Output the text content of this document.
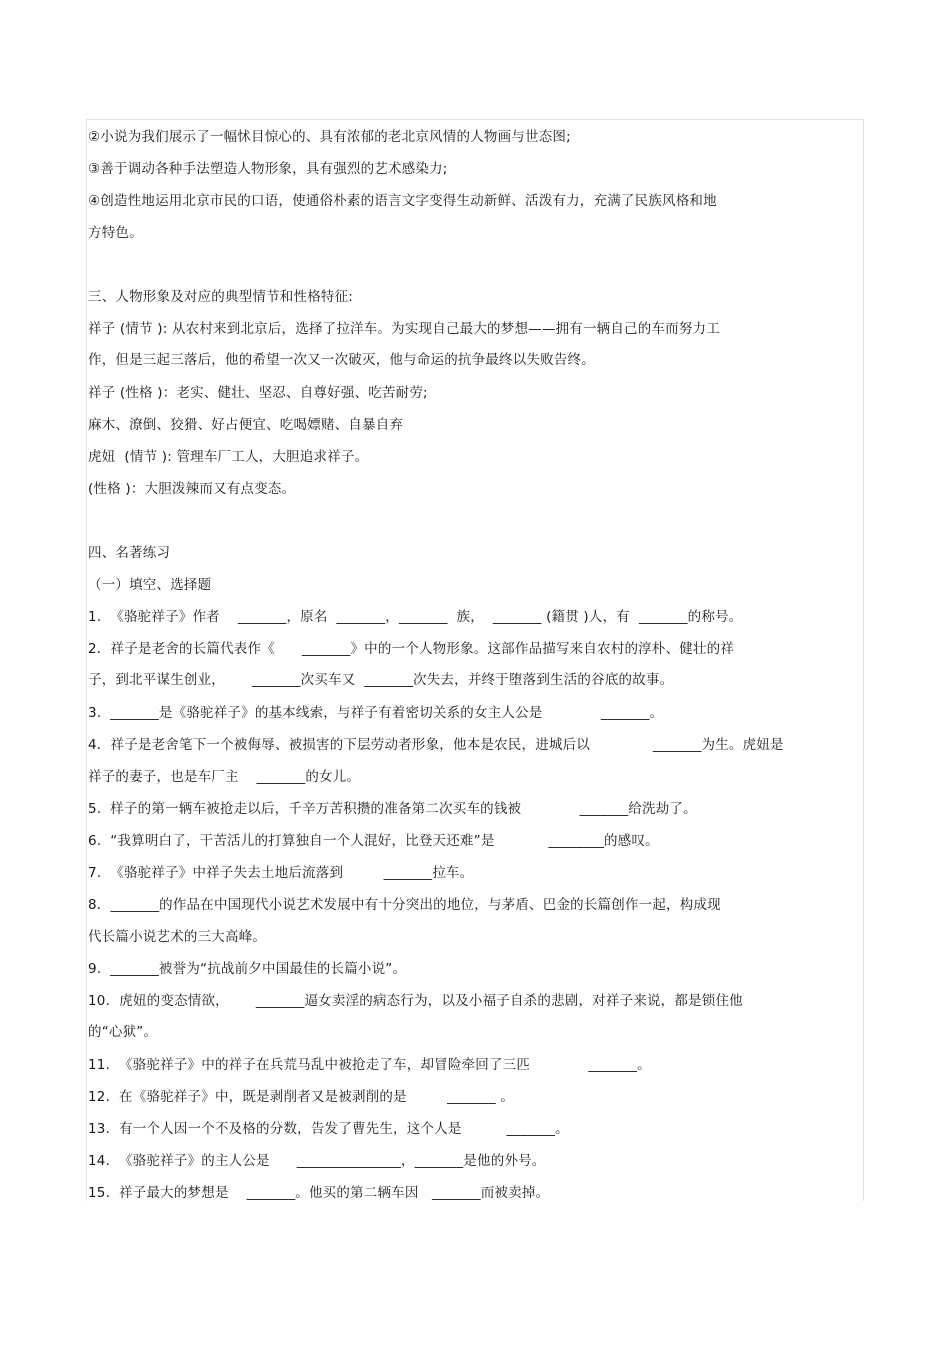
②小说为我们展示了一幅怵目惊心的、具有浓郁的老北京风情的人物画与世态图;
③善于调动各种手法塑造人物形象，具有强烈的艺术感染力;
④创造性地运用北京市民的口语，使通俗朴素的语言文字变得生动新鲜、活泼有力，充满了民族风格和地
方特色。
三、人物形象及对应的典型情节和性格特征:
祥子 (情节 ): 从农村来到北京后，选择了拉洋车。为实现自己最大的梦想——拥有一辆自己的车而努力工
作，但是三起三落后，他的希望一次又一次破灭，他与命运的抗争最终以失败告终。
祥子 (性格 )：老实、健壮、坚忍、自尊好强、吃苦耐劳;
麻木、潦倒、狡猾、好占便宜、吃喝嫖赌、自暴自弃
虎妞  (情节 ): 管理车厂工人，大胆追求祥子。
(性格 )：大胆泼辣而又有点变态。
四、名著练习
（一）填空、选择题
1.  《骆驼祥子》作者    _______，原名  _______，_______  族，  _______ (籍贯 )人，有  _______的称号。
2．祥子是老舍的长篇代表作《      _______》中的一个人物形象。这部作品描写来自农村的淳朴、健壮的祥
子，到北平谋生创业，      _______次买车又  _______次失去，并终于堕落到生活的谷底的故事。
3.  _______是《骆驼祥子》的基本线索，与祥子有着密切关系的女主人公是             _______。
4．祥子是老舍笔下一个被侮辱、被损害的下层劳动者形象，他本是农民，进城后以              _______为生。虎妞是
祥子的妻子，也是车厂主    _______的女儿。
5.  样子的第一辆车被抢走以后，千辛万苦积攒的准备第二次买车的钱被             _______给洗劫了。
6.  “我算明白了，干苦活儿的打算独自一个人混好，比登天还难”是            ________的感叹。
7.  《骆驼祥子》中祥子失去土地后流落到         _______拉车。
8．_______的作品在中国现代小说艺术发展中有十分突出的地位，与茅盾、巴金的长篇创作一起，构成现
代长篇小说艺术的三大高峰。
9.  _______被誉为“抗战前夕中国最佳的长篇小说”。
10．虎妞的变态情欲，      _______逼女卖淫的病态行为，以及小福子自杀的悲剧，对祥子来说，都是锁住他
的“心狱”。
11.  《骆驼祥子》中的祥子在兵荒马乱中被抢走了车，却冒险牵回了三匹             _______。
12.  在《骆驼祥子》中，既是剥削者又是被剥削的是         _______ 。
13.  有一个人因一个不及格的分数，告发了曹先生，这个人是          _______。
14.  《骆驼祥子》的主人公是      _______________，_______是他的外号。
15.  祥子最大的梦想是    _______。他买的第二辆车因   _______而被卖掉。
